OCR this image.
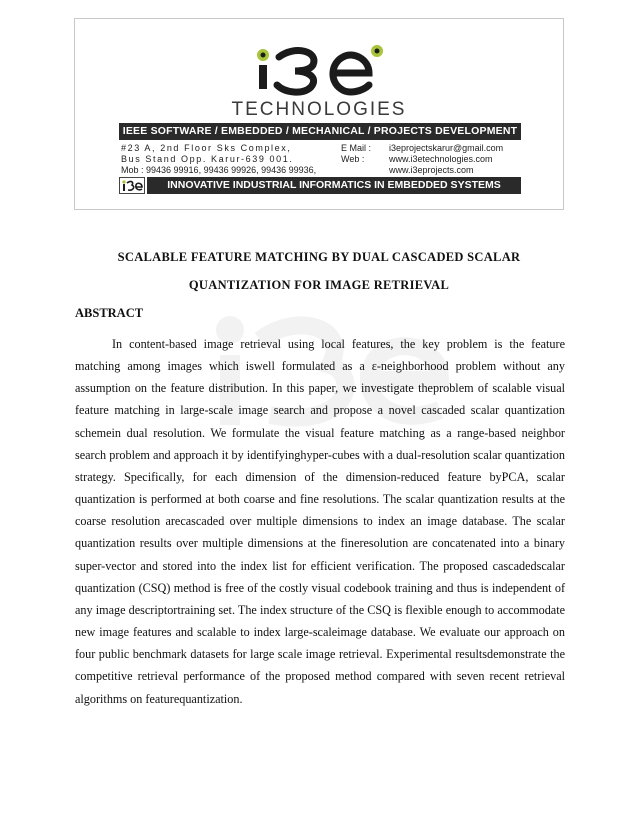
TECHNOLOGIES
IEEE SOFTWARE / EMBEDDED / MECHANICAL / PROJECTS DEVELOPMENT
#23 A, 2nd Floor Sks Complex,
Bus Stand Opp. Karur-639 001.
Mob : 99436 99916, 99436 99926, 99436 99936,
E Mail : i3eprojectskarur@gmail.com
Web :	www.i3etechnologies.com
www.i3eprojects.com
INNOVATIVE INDUSTRIAL INFORMATICS IN EMBEDDED SYSTEMS
SCALABLE FEATURE MATCHING BY DUAL CASCADED SCALAR
QUANTIZATION FOR IMAGE RETRIEVAL
ABSTRACT

In content-based image retrieval using local features, the key problem is the feature matching among images which iswell formulated as a ε-neighborhood problem without any assumption on the feature distribution. In this paper, we investigate theproblem of scalable visual feature matching in large-scale image search and propose a novel cascaded scalar quantization schemein dual resolution. We formulate the visual feature matching as a range-based neighbor search problem and approach it by identifyinghyper-cubes with a dual-resolution scalar quantization strategy. Specifically, for each dimension of the dimension-reduced feature byPCA, scalar quantization is performed at both coarse and fine resolutions. The scalar quantization results at the coarse resolution arecascaded over multiple dimensions to index an image database. The scalar quantization results over multiple dimensions at the fineresolution are concatenated into a binary super-vector and stored into the index list for efficient verification. The proposed cascadedscalar quantization (CSQ) method is free of the costly visual codebook training and thus is independent of any image descriptortraining set. The index structure of the CSQ is flexible enough to accommodate new image features and scalable to index large-scaleimage database. We evaluate our approach on four public benchmark datasets for large scale image retrieval. Experimental resultsdemonstrate the competitive retrieval performance of the proposed method compared with seven recent retrieval algorithms on featurequantization.
